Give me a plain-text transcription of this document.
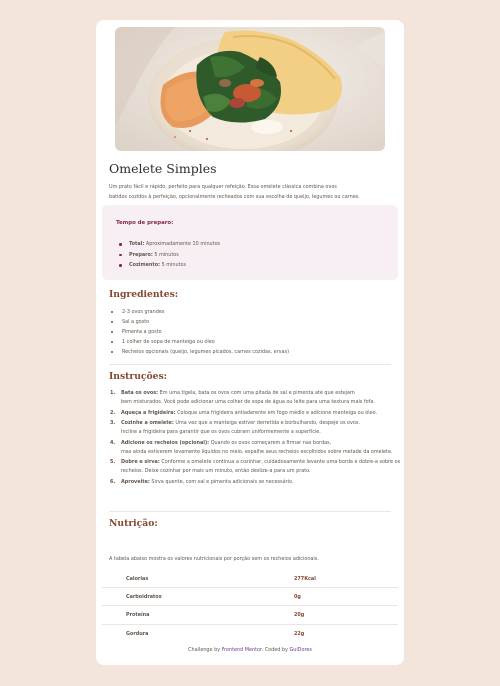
Omelete Simples

Um prato fácil e rápido, perfeito para qualquer refeição. Essa omelete clássica combina ovos
batidos cozidos à perfeição, opcionalmente recheados com sua escolha de queijo, legumes ou carnes.

Tempo de preparo:
Total: Aproximadamente 10 minutos
Preparo: 5 minutos
Cozimento: 5 minutos
Ingredientes:
2-3 ovos grandes
Sal a gosto
Pimenta a gosto
1 colher de sopa de manteiga ou óleo
Recheios opcionais (queijo, legumes picados, carnes cozidas, ervas)
Instruções:
1. Bata os ovos: Em uma tigela, bata os ovos com uma pitada de sal e pimenta até que estejam
bem misturados. Você pode adicionar uma colher de sopa de água ou leite para uma textura mais fofa.
2. Aqueça a frigideira: Coloque uma frigideira antiaderente em fogo médio e adicione manteiga ou óleo.
3. Cozinhe a omelete: Uma vez que a manteiga estiver derretida e borbulhando, despeje os ovos.
Incline a frigideira para garantir que os ovos cubram uniformemente a superfície.
4. Adicione os recheios (opcional): Quando os ovos começarem a firmar nas bordas,
mas ainda estiverem levemente líquidos no meio, espalhe seus recheios escolhidos sobre metade da omelete.
5. Dobre e sirva: Conforme a omelete continua a cozinhar, cuidadosamente levante uma borda e dobre-a sobre os
recheios. Deixe cozinhar por mais um minuto, então deslize-a para um prato.
6. Aproveite: Sirva quente, com sal e pimenta adicionais se necessário.
Nutrição:

A tabela abaixo mostra os valores nutricionais por porção sem os recheios adicionais.

Calorias	277Kcal
Carboidratos	0g
Proteína	20g
Gordura	22g

Challenge by Frontend Mentor. Coded by GuiDores
